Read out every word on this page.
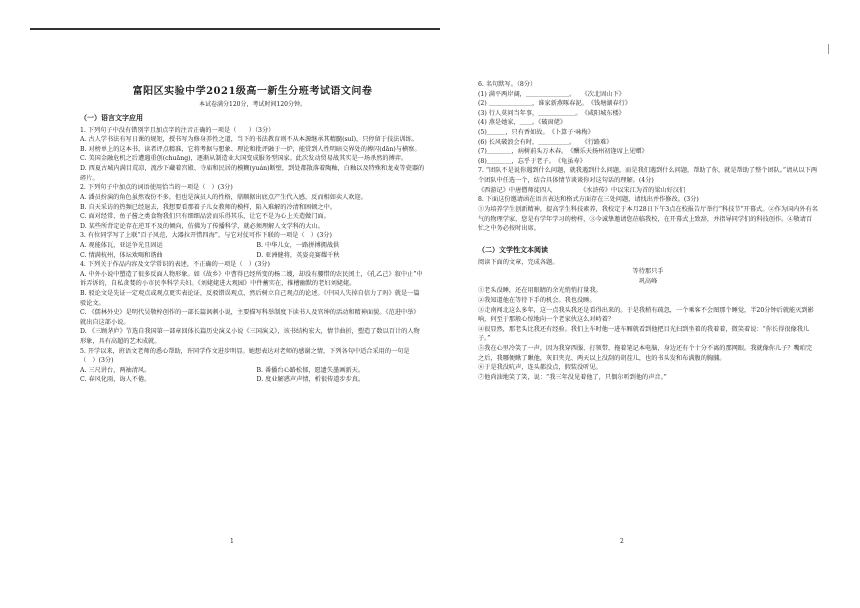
富阳区实验中学2021级高一新生分班考试语文问卷
本试卷满分120分，考试时间120分钟。
（一）语言文字应用

1. 下列句子中没有错别字且加点字的注音正确的一项是（　　）（3分）

A. 古人学书法有写日课的规矩，授书写为修身养性之道，当下的书法教育则不从本源继承其精髓(suǐ)，只停留于技法训练。

B. 对榜单上的这本书，读者评点精准，它将考据与想象、理论和批评融于一炉，能赏到人性明暗交界处的搏闪(dān)与横察。

C. 美国金融危机之后遭遇重创(chuāng)，逐渐从制造业大国变成服务型国家。此次发动贸易战其实是一场杀然的搏弈。

D. 西夏古城内满目荒凉，流沙下藏着宫殿、寺庙和民居的模糊(yuán)断壁，到处都散落着陶釉，白釉以及特殊和龙麦等瓷器的碎片。

2. 下列句子中加点的词语使用恰当的一项是（　）(3分)

A. 潘员扮演的角色虽然戏份不多，但也是演员人的性格，鼎顺据出底点产生代入感，反而相如卖人欢迎。

B. 自天采访的热频已经退去，我想要看那着子儿女教师的模样，陷入难解的冷清和困顿之中。

C. 面对经常，鱼子酱之类食物我们只有细细品尝而乐得其乐，让它不是为心上关造做门面。

D. 某些所背定论存在逆耳不及的倾向，仿佛为了传播科学，就必须理解人文学科的大山。

3. 有位同学写了上联“百子风范，大器拉开惜四海”，与它对仗可作下联的一项是（　）(3分)

A. 观能体瓦，亚运争光且固运	B. 中华儿女，一路拼搏拥战供
C. 情满杭州，体坛欢喝和谐曲	D. 亚洲健将，英姿竞赛耀千秋

4. 下列关于作品内容及文学常识的表述，不正确的一项是（　）(3分)

A. 中外小说中塑造了很多反面人物形象。如《故乡》中曹得已经所变的杨二嫂，却没有腰惜的农民闰土，《孔乙己》叙中止”中诉弄诉的，自私贪婪的小市民李科学夫妇。《刘姥姥进大观园》中件蓄实在、推槽幽默的老妇刘姥姥。

B. 驳论文是先证一定观点或观点更实表论证，反驳错误观点，然后树立自己观点的论述。《中国人失掉自信力了吗》就是一篇驳论文。

C. 《儒林外史》是明代吴敬梓创作的一部长篇讽刺小说，主要描写科举制度下读书人及官绅的活动和精神面貌。《范进中举》就出自这部小说。

D. 《三顾茅庐》节选自我国第一部章回体长篇历史演义小说《三国演义》，该书结构宏大，情节曲折，塑造了数以百计的人物形象，具有高超的艺术成就。

5. 开学以来，班语文老师的悉心帮助，许同学作文进步明显。她想表达对老师的感谢之情，下列各句中适合采用的一句是（　）(3分)

A. 三尺讲台，两袖清风。	B. 番播台心路松郁，愿遗失墨画新天。
C. 春风化雨，诲人不倦。	D. 度业解惑声声情，析很传道步步真。
1

6. 名句默写。（8分）

(1) 满平两岸阔，＿＿＿＿＿＿＿。　　《次北固山下》

(2) ＿＿＿＿＿＿＿，谁家新燕啄春泥。　《钱塘湖春行》

(3) 行人莫问当年事，＿＿＿＿＿＿。　《咸阳城东楼》

(4) 燕是她家，＿＿。《破窗佬》

(5)＿＿＿，只有香如故。　《卜算子·咏梅》

(6) 长风破浪会有时，＿＿＿＿＿。　　《行路难》

(7)＿＿＿＿，病树前头万木春。　《酬乐天扬州初逢席上见赠》

(8)＿＿＿＿，忘乎于老子。　《龟虽寿》

7. “团队不是说你遇到什么问题，就我遇到什么问题，而是我们遇到什么问题，帮助了你，就是帮助了整个团队。”请从以下两个团队中任选一个，结合具体情节谈谈你对这句话的理解。(4分)

《西游记》中唐僧师徒四人　　　　　《水浒传》中以宋江为首的梁山好汉们

8. 下面这份邀请函在语言表达和格式方面存在三处问题，请找出并作修改。(3分)

①为培养学生创新精神，提高学生科技素养，我校定于本月28日下午3点在校报告厅举行“科技节”开幕式。②作为国内外有名气的物理学家，您是有学年学习的榜样，③今诚挚邀请您莅临我校，在开幕式上致辞，并指导同学们的科技创作。④敬请百忙之中务必按时出席。

（二）文学性文本阅读

阅读下面的文章，完成各题。

等待那只手

巩高峰

①老头没睡，还在用眼睛的余光悄悄打量我。

②我知道他在等待下手的机会。我也没睡。

③走南闯北这么多年，这一点我头我还是看得出来的。于是我稍有疏忽，一个乘客不会图那个睡觉，半20分钟后就能灭到影响，何至于那般心惊地向一个老家伙这么对峙着？

④很显然，那老头比我还有经验。我们上车时他一进车厢就看到他把目光扫到坐着的我着着，微笑着说：“你长得很像我儿子。”

⑤我在心里冷笑了一声，因为我穿西服、打领带、拖着笔记本电脑，身边还有个十分不离的那网眼。我就像你儿子？嘴咱完之后，我哪便瞅了瞅他，灰旧夹克、两天以上没刮的胡茬儿，也的书头发和布满腹的胸脯。

⑥于是我没吭声，连头都没点，假装没听见。

⑦他尚油地笑了笑，说：“我三年没见着他了，只偶尔听到他的声音。”

2
